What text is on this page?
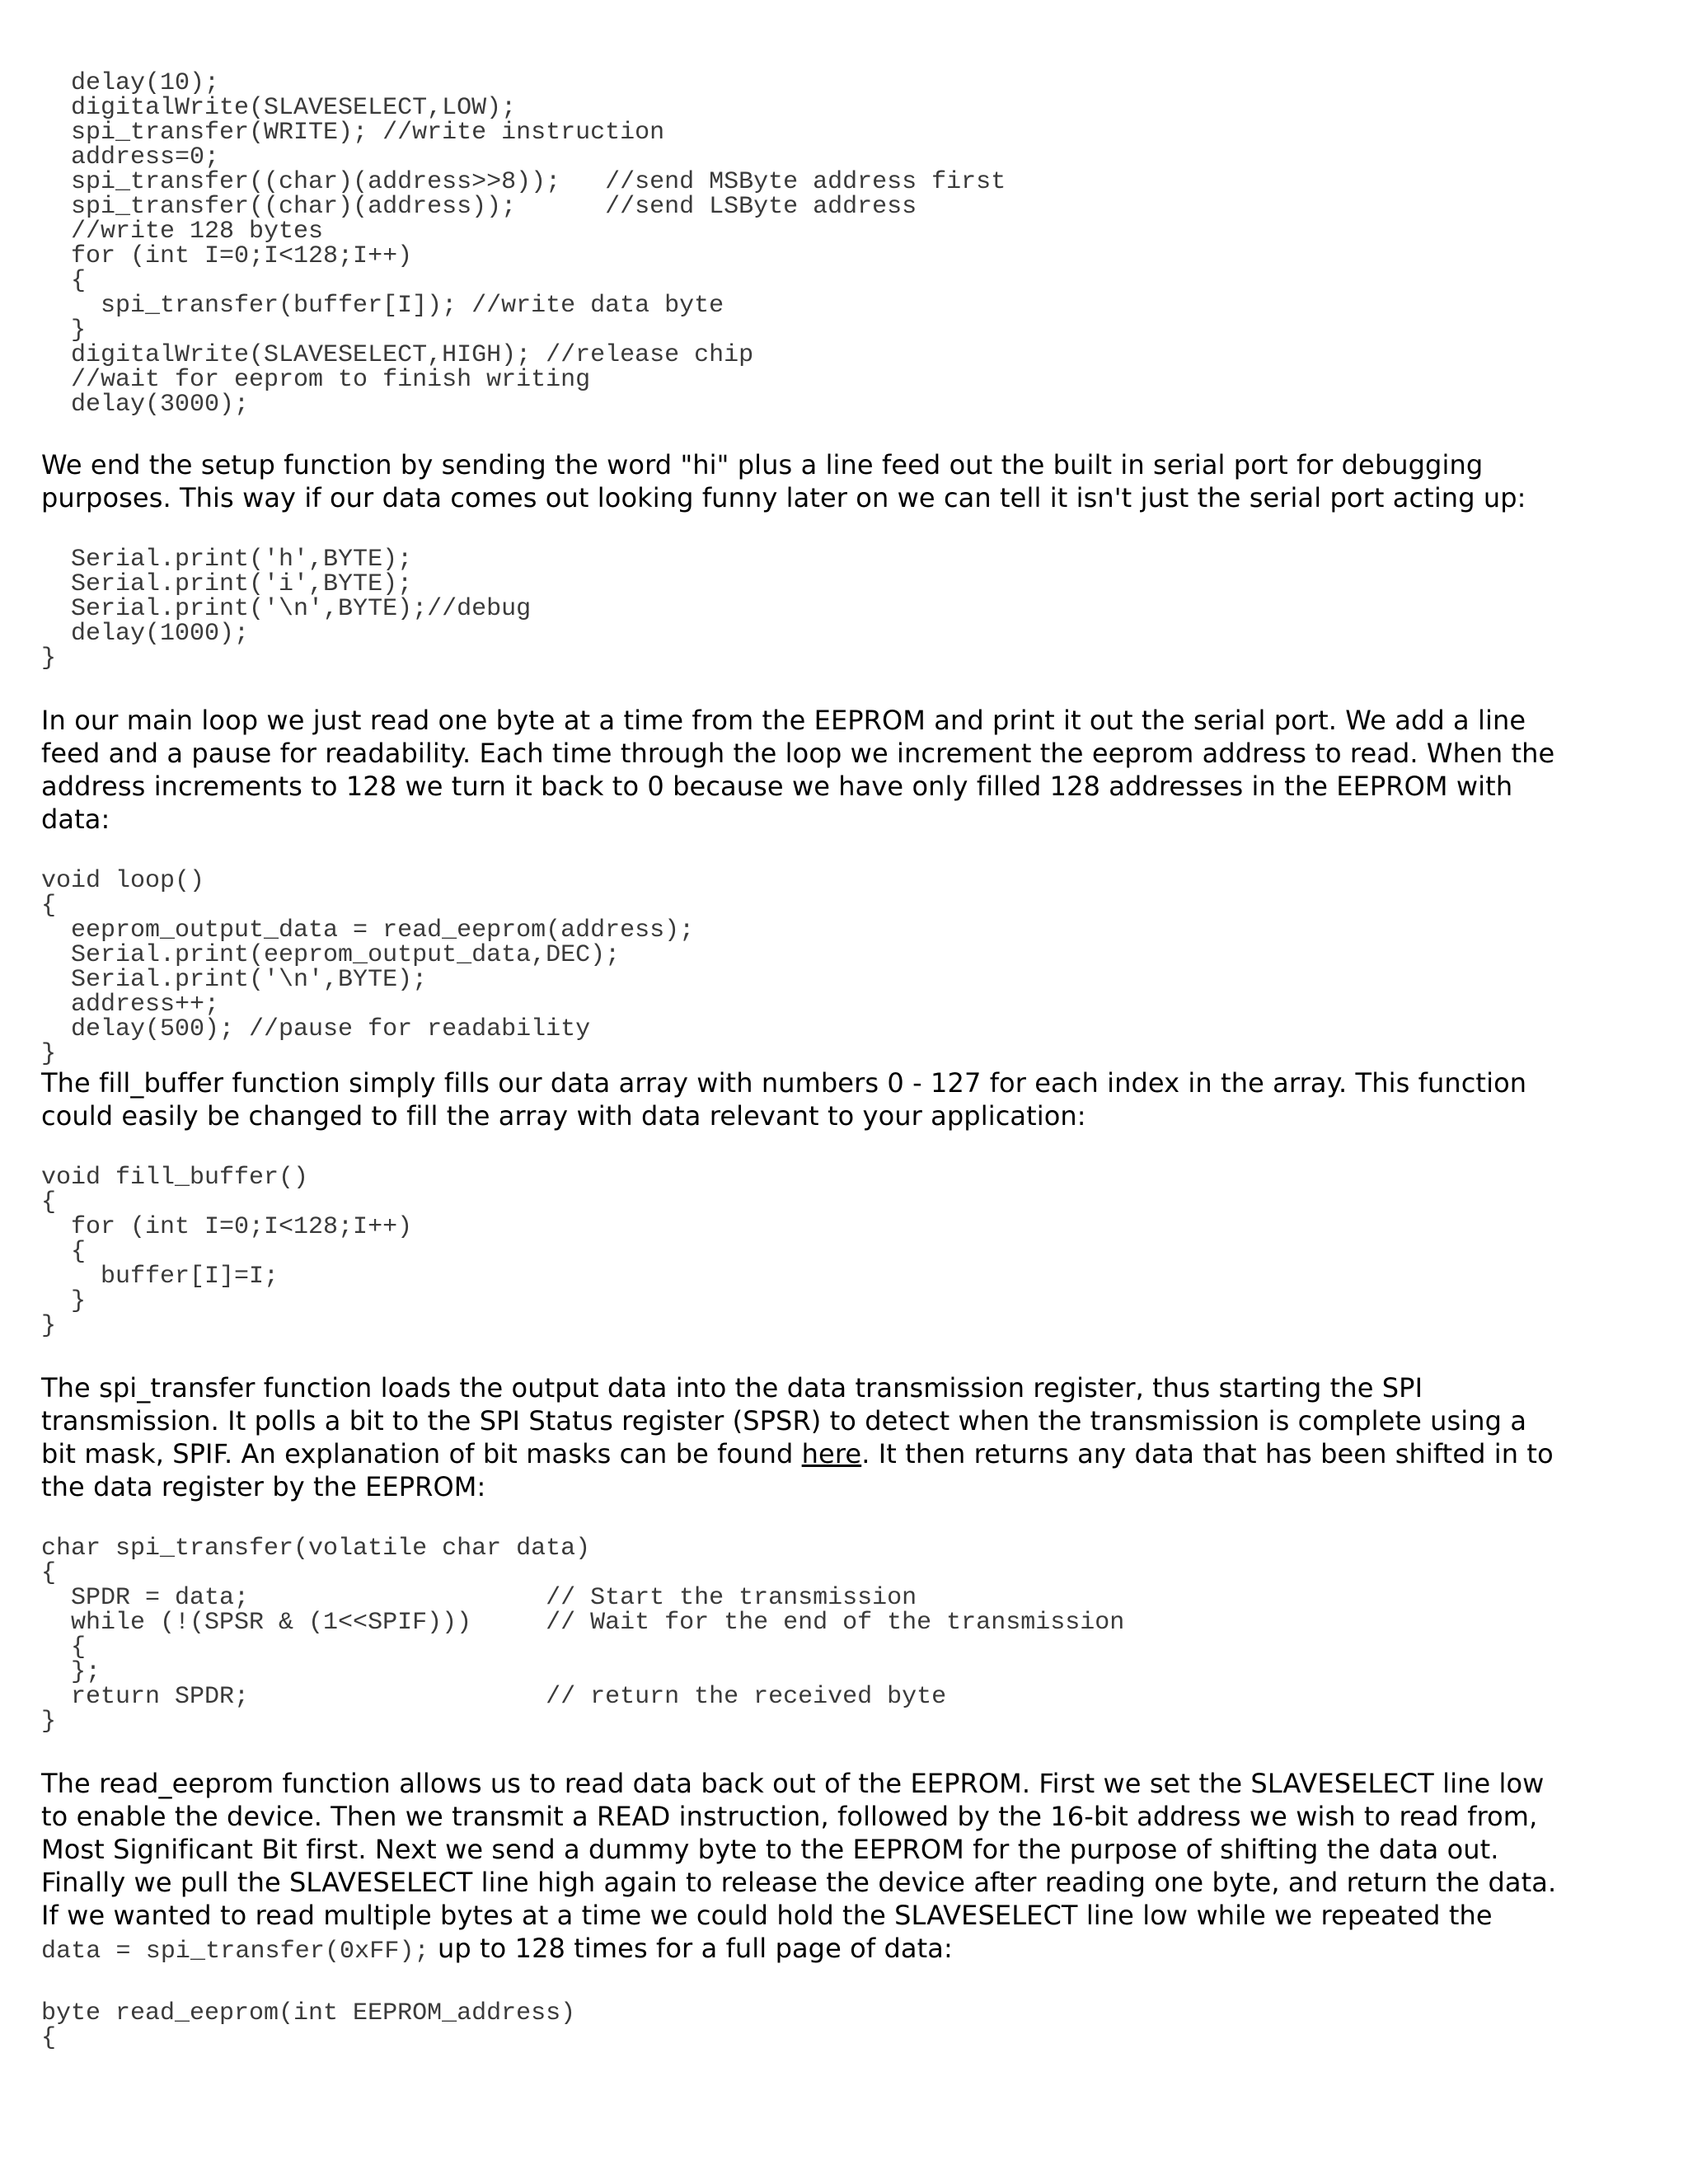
delay(10);
digitalWrite(SLAVESELECT,LOW);
spi_transfer(WRITE); //write instruction
address=0;
spi_transfer((char)(address>>8));   //send MSByte address first
spi_transfer((char)(address));      //send LSByte address
//write 128 bytes
for (int I=0;I<128;I++)
{
spi_transfer(buffer[I]); //write data byte
}
digitalWrite(SLAVESELECT,HIGH); //release chip
//wait for eeprom to finish writing
delay(3000);

We end the setup function by sending the word "hi" plus a line feed out the built in serial port for debugging
purposes. This way if our data comes out looking funny later on we can tell it isn't just the serial port acting up:

Serial.print('h',BYTE);
Serial.print('i',BYTE);
Serial.print('\n',BYTE);//debug
delay(1000);
}

In our main loop we just read one byte at a time from the EEPROM and print it out the serial port. We add a line
feed and a pause for readability. Each time through the loop we increment the eeprom address to read. When the
address increments to 128 we turn it back to 0 because we have only filled 128 addresses in the EEPROM with
data:

void loop()
{
eeprom_output_data = read_eeprom(address);
Serial.print(eeprom_output_data,DEC);
Serial.print('\n',BYTE);
address++;
delay(500); //pause for readability
}

The fill_buffer function simply fills our data array with numbers 0 - 127 for each index in the array. This function
could easily be changed to fill the array with data relevant to your application:

void fill_buffer()
{
for (int I=0;I<128;I++)
{
buffer[I]=I;
}
}

The spi_transfer function loads the output data into the data transmission register, thus starting the SPI
transmission. It polls a bit to the SPI Status register (SPSR) to detect when the transmission is complete using a
bit mask, SPIF. An explanation of bit masks can be found here. It then returns any data that has been shifted in to
the data register by the EEPROM:

char spi_transfer(volatile char data)
{
SPDR = data;                    // Start the transmission
while (!(SPSR & (1<<SPIF)))     // Wait for the end of the transmission
{
};
return SPDR;                    // return the received byte
}

The read_eeprom function allows us to read data back out of the EEPROM. First we set the SLAVESELECT line low
to enable the device. Then we transmit a READ instruction, followed by the 16-bit address we wish to read from,
Most Significant Bit first. Next we send a dummy byte to the EEPROM for the purpose of shifting the data out.
Finally we pull the SLAVESELECT line high again to release the device after reading one byte, and return the data.
If we wanted to read multiple bytes at a time we could hold the SLAVESELECT line low while we repeated the
data = spi_transfer(0xFF); up to 128 times for a full page of data:

byte read_eeprom(int EEPROM_address)
{
